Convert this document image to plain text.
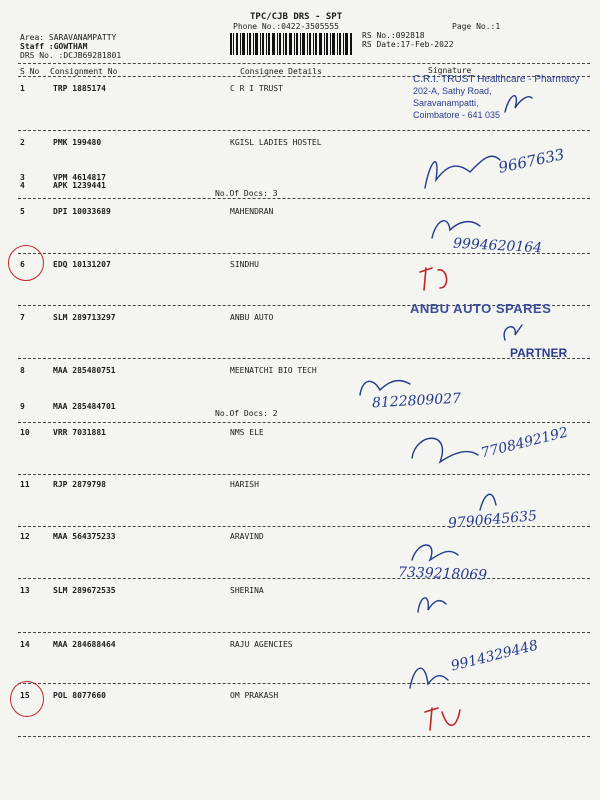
TPC/CJB DRS - SPT
Phone No.:0422-3505555	Page No.:1
Area: SARAVANAMPATTY
Staff :GOWTHAM
DRS No. :DCJB69281801
RS No.:092818
RS Date:17-Feb-2022
S No Consignment No	Consignee Details	Signature
1	TRP 1885174	C R I TRUST
2	PMK 199480	KGISL LADIES HOSTEL
3	VPM 4614817
4	APK 1239441
5	DPI 10033689	MAHENDRAN
6	EDQ 10131207	SINDHU
7	SLM 289713297	ANBU AUTO
8	MAA 285480751	MEENATCHI BIO TECH
9	MAA 285484701
10	VRR 7031881	NMS ELE
11	RJP 2879798	HARISH
12	MAA 564375233	ARAVIND
13	SLM 289672535	SHERINA
14	MAA 284688464	RAJU AGENCIES
15	POL 8077660	OM PRAKASH
No.Of Docs: 3
No.Of Docs: 2
C.R.I. TRUST Healthcare - Pharmacy
202-A, Sathy Road,
Saravanampatti,
Coimbatore - 641 035
ANBU AUTO SPARES
PARTNER
9667633
9994620164
8122809027
7708492192
9790645635
7339218069
9914329448
